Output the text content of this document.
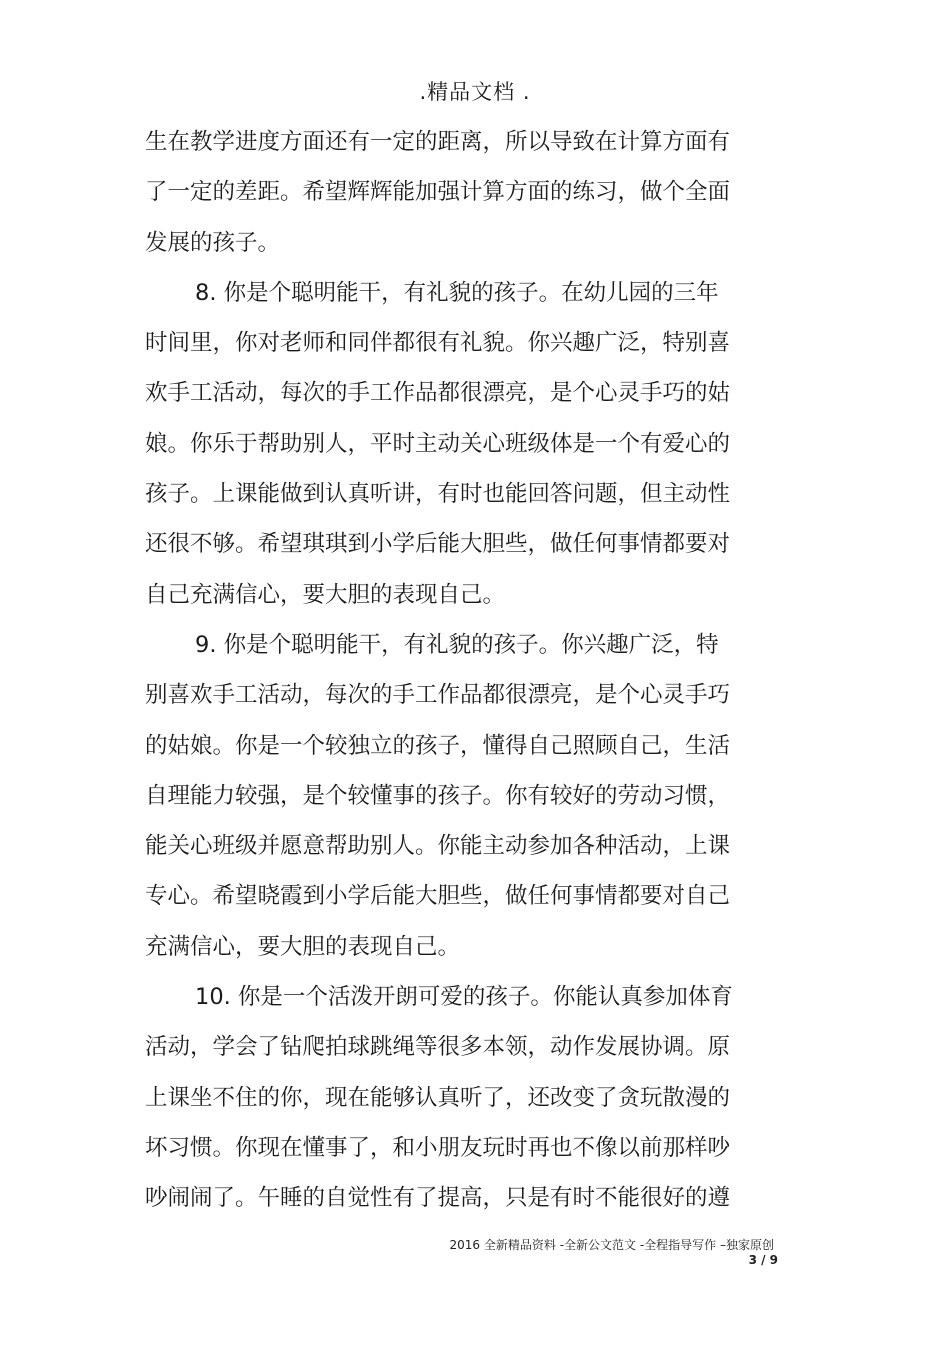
.精品文档 .
生在教学进度方面还有一定的距离，所以导致在计算方面有
了一定的差距。希望辉辉能加强计算方面的练习，做个全面
发展的孩子。
8. 你是个聪明能干，有礼貌的孩子。在幼儿园的三年
时间里，你对老师和同伴都很有礼貌。你兴趣广泛，特别喜
欢手工活动，每次的手工作品都很漂亮，是个心灵手巧的姑
娘。你乐于帮助别人，平时主动关心班级体是一个有爱心的
孩子。上课能做到认真听讲，有时也能回答问题，但主动性
还很不够。希望琪琪到小学后能大胆些，做任何事情都要对
自己充满信心，要大胆的表现自己。
9. 你是个聪明能干，有礼貌的孩子。你兴趣广泛，特
别喜欢手工活动，每次的手工作品都很漂亮，是个心灵手巧
的姑娘。你是一个较独立的孩子，懂得自己照顾自己，生活
自理能力较强，是个较懂事的孩子。你有较好的劳动习惯，
能关心班级并愿意帮助别人。你能主动参加各种活动，上课
专心。希望晓霞到小学后能大胆些，做任何事情都要对自己
充满信心，要大胆的表现自己。
10. 你是一个活泼开朗可爱的孩子。你能认真参加体育
活动，学会了钻爬拍球跳绳等很多本领，动作发展协调。原
上课坐不住的你，现在能够认真听了，还改变了贪玩散漫的
坏习惯。你现在懂事了，和小朋友玩时再也不像以前那样吵
吵闹闹了。午睡的自觉性有了提高，只是有时不能很好的遵
2016 全新精品资料 -全新公文范文 -全程指导写作 –独家原创
3 / 9
